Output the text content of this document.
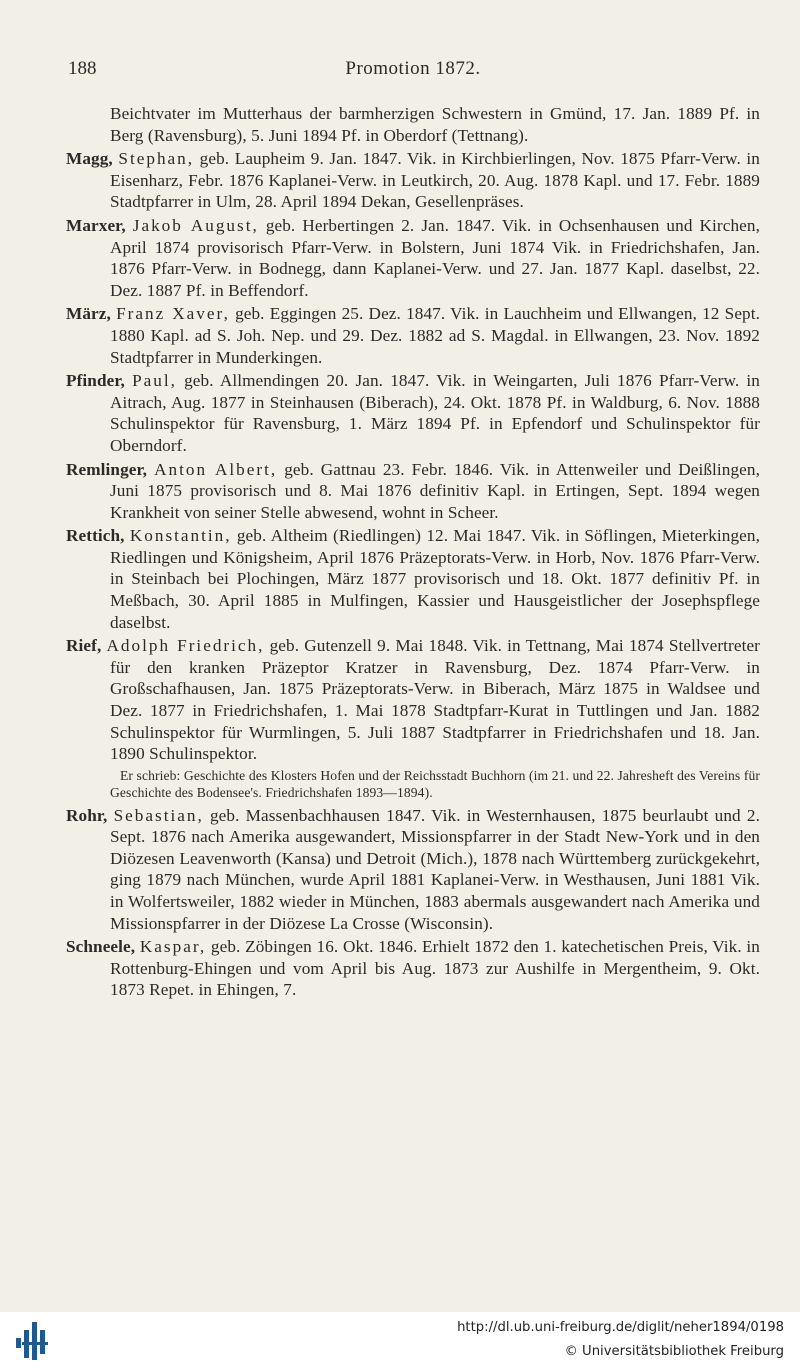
188	Promotion 1872.

Beichtvater im Mutterhaus der barmherzigen Schwestern in Gmünd, 17. Jan. 1889 Pf. in Berg (Ravensburg), 5. Juni 1894 Pf. in Oberdorf (Tettnang).

Magg, Stephan, geb. Laupheim 9. Jan. 1847. Vik. in Kirchbierlingen, Nov. 1875 Pfarr-Verw. in Eisenharz, Febr. 1876 Kaplanei-Verw. in Leutkirch, 20. Aug. 1878 Kapl. und 17. Febr. 1889 Stadtpfarrer in Ulm, 28. April 1894 Dekan, Gesellenpräses.

Marxer, Jakob August, geb. Herbertingen 2. Jan. 1847. Vik. in Ochsenhausen und Kirchen, April 1874 provisorisch Pfarr-Verw. in Bolstern, Juni 1874 Vik. in Friedrichshafen, Jan. 1876 Pfarr-Verw. in Bodnegg, dann Kaplanei-Verw. und 27. Jan. 1877 Kapl. daselbst, 22. Dez. 1887 Pf. in Beffendorf.

März, Franz Xaver, geb. Eggingen 25. Dez. 1847. Vik. in Lauchheim und Ellwangen, 12 Sept. 1880 Kapl. ad S. Joh. Nep. und 29. Dez. 1882 ad S. Magdal. in Ellwangen, 23. Nov. 1892 Stadtpfarrer in Munderkingen.

Pfinder, Paul, geb. Allmendingen 20. Jan. 1847. Vik. in Weingarten, Juli 1876 Pfarr-Verw. in Aitrach, Aug. 1877 in Steinhausen (Biberach), 24. Okt. 1878 Pf. in Waldburg, 6. Nov. 1888 Schulinspektor für Ravensburg, 1. März 1894 Pf. in Epfendorf und Schulinspektor für Oberndorf.

Remlinger, Anton Albert, geb. Gattnau 23. Febr. 1846. Vik. in Attenweiler und Deißlingen, Juni 1875 provisorisch und 8. Mai 1876 definitiv Kapl. in Ertingen, Sept. 1894 wegen Krankheit von seiner Stelle abwesend, wohnt in Scheer.

Rettich, Konstantin, geb. Altheim (Riedlingen) 12. Mai 1847. Vik. in Söflingen, Mieterkingen, Riedlingen und Königsheim, April 1876 Präzeptorats-Verw. in Horb, Nov. 1876 Pfarr-Verw. in Steinbach bei Plochingen, März 1877 provisorisch und 18. Okt. 1877 definitiv Pf. in Meßbach, 30. April 1885 in Mulfingen, Kassier und Hausgeistlicher der Josephspflege daselbst.

Rief, Adolph Friedrich, geb. Gutenzell 9. Mai 1848. Vik. in Tettnang, Mai 1874 Stellvertreter für den kranken Präzeptor Kratzer in Ravensburg, Dez. 1874 Pfarr-Verw. in Großschafhausen, Jan. 1875 Präzeptorats-Verw. in Biberach, März 1875 in Waldsee und Dez. 1877 in Friedrichshafen, 1. Mai 1878 Stadtpfarr-Kurat in Tuttlingen und Jan. 1882 Schulinspektor für Wurmlingen, 5. Juli 1887 Stadtpfarrer in Friedrichshafen und 18. Jan. 1890 Schulinspektor.

Er schrieb: Geschichte des Klosters Hofen und der Reichsstadt Buchhorn (im 21. und 22. Jahresheft des Vereins für Geschichte des Bodensee's. Friedrichshafen 1893—1894).

Rohr, Sebastian, geb. Massenbachhausen 1847. Vik. in Westernhausen, 1875 beurlaubt und 2. Sept. 1876 nach Amerika ausgewandert, Missionspfarrer in der Stadt New-York und in den Diözesen Leavenworth (Kansa) und Detroit (Mich.), 1878 nach Württemberg zurückgekehrt, ging 1879 nach München, wurde April 1881 Kaplanei-Verw. in Westhausen, Juni 1881 Vik. in Wolfertsweiler, 1882 wieder in München, 1883 abermals ausgewandert nach Amerika und Missionspfarrer in der Diözese La Crosse (Wisconsin).

Schneele, Kaspar, geb. Zöbingen 16. Okt. 1846. Erhielt 1872 den 1. katechetischen Preis, Vik. in Rottenburg-Ehingen und vom April bis Aug. 1873 zur Aushilfe in Mergentheim, 9. Okt. 1873 Repet. in Ehingen, 7.

http://dl.ub.uni-freiburg.de/diglit/neher1894/0198
© Universitätsbibliothek Freiburg
